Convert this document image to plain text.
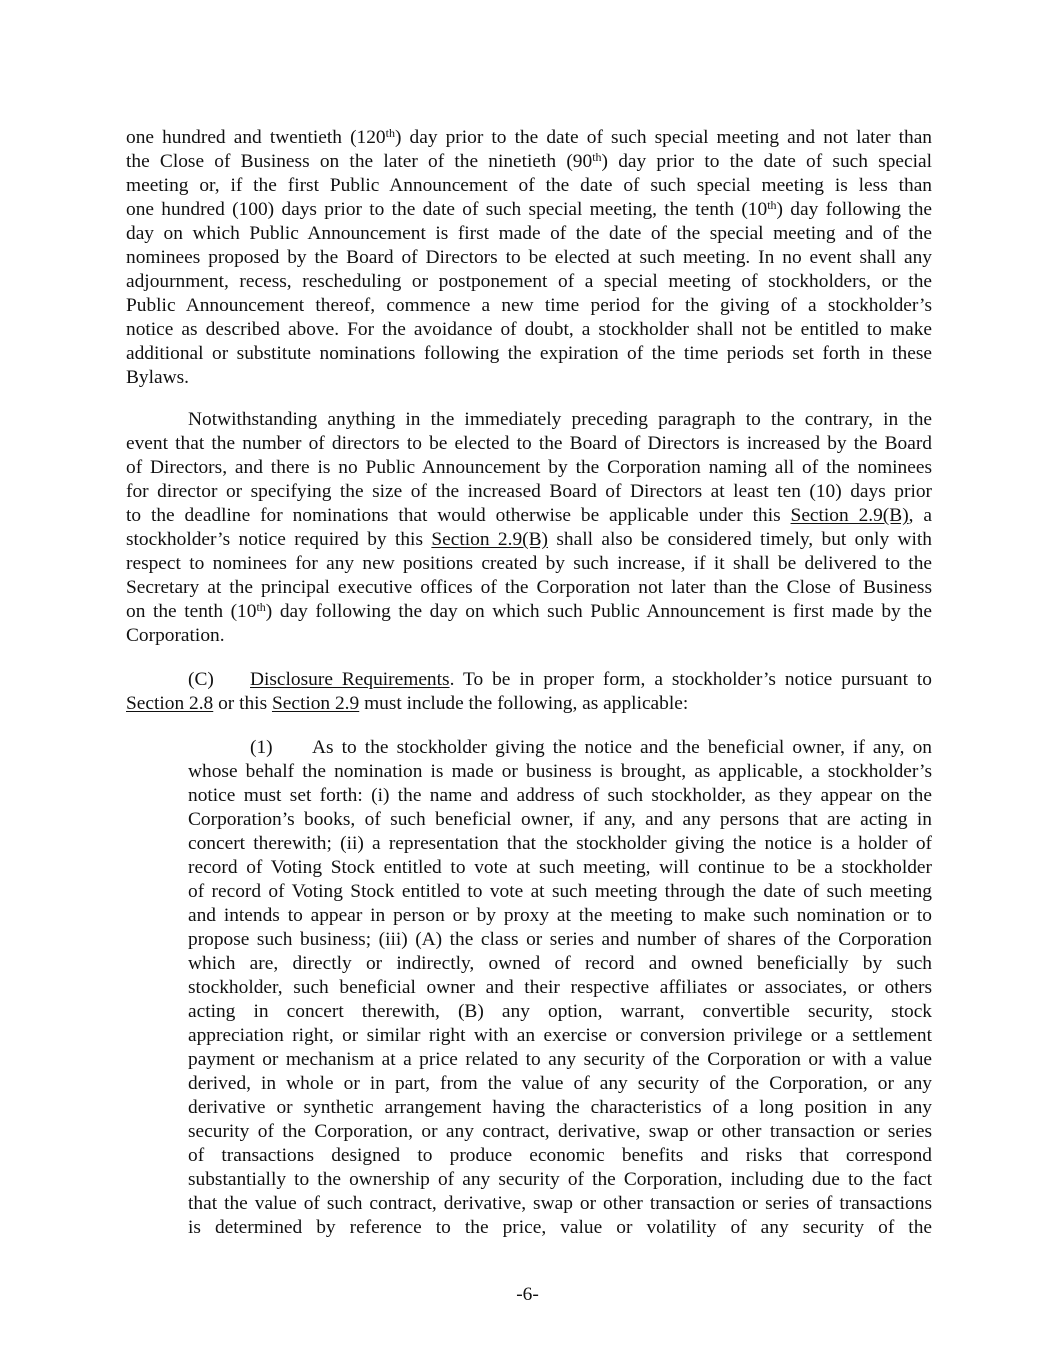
one hundred and twentieth (120th) day prior to the date of such special meeting and not later than
the Close of Business on the later of the ninetieth (90th) day prior to the date of such special
meeting or, if the first Public Announcement of the date of such special meeting is less than
one hundred (100) days prior to the date of such special meeting, the tenth (10th) day following the
day on which Public Announcement is first made of the date of the special meeting and of the
nominees proposed by the Board of Directors to be elected at such meeting. In no event shall any
adjournment, recess, rescheduling or postponement of a special meeting of stockholders, or the
Public Announcement thereof, commence a new time period for the giving of a stockholder’s
notice as described above. For the avoidance of doubt, a stockholder shall not be entitled to make
additional or substitute nominations following the expiration of the time periods set forth in these
Bylaws.
Notwithstanding anything in the immediately preceding paragraph to the contrary, in the
event that the number of directors to be elected to the Board of Directors is increased by the Board
of Directors, and there is no Public Announcement by the Corporation naming all of the nominees
for director or specifying the size of the increased Board of Directors at least ten (10) days prior
to the deadline for nominations that would otherwise be applicable under this Section 2.9(B), a
stockholder’s notice required by this Section 2.9(B) shall also be considered timely, but only with
respect to nominees for any new positions created by such increase, if it shall be delivered to the
Secretary at the principal executive offices of the Corporation not later than the Close of Business
on the tenth (10th) day following the day on which such Public Announcement is first made by the
Corporation.
(C) Disclosure Requirements. To be in proper form, a stockholder’s notice pursuant to
Section 2.8 or this Section 2.9 must include the following, as applicable:
(1) As to the stockholder giving the notice and the beneficial owner, if any, on
whose behalf the nomination is made or business is brought, as applicable, a stockholder’s
notice must set forth: (i) the name and address of such stockholder, as they appear on the
Corporation’s books, of such beneficial owner, if any, and any persons that are acting in
concert therewith; (ii) a representation that the stockholder giving the notice is a holder of
record of Voting Stock entitled to vote at such meeting, will continue to be a stockholder
of record of Voting Stock entitled to vote at such meeting through the date of such meeting
and intends to appear in person or by proxy at the meeting to make such nomination or to
propose such business; (iii) (A) the class or series and number of shares of the Corporation
which are, directly or indirectly, owned of record and owned beneficially by such
stockholder, such beneficial owner and their respective affiliates or associates, or others
acting in concert therewith, (B) any option, warrant, convertible security, stock
appreciation right, or similar right with an exercise or conversion privilege or a settlement
payment or mechanism at a price related to any security of the Corporation or with a value
derived, in whole or in part, from the value of any security of the Corporation, or any
derivative or synthetic arrangement having the characteristics of a long position in any
security of the Corporation, or any contract, derivative, swap or other transaction or series
of transactions designed to produce economic benefits and risks that correspond
substantially to the ownership of any security of the Corporation, including due to the fact
that the value of such contract, derivative, swap or other transaction or series of transactions
is determined by reference to the price, value or volatility of any security of the
-6-
